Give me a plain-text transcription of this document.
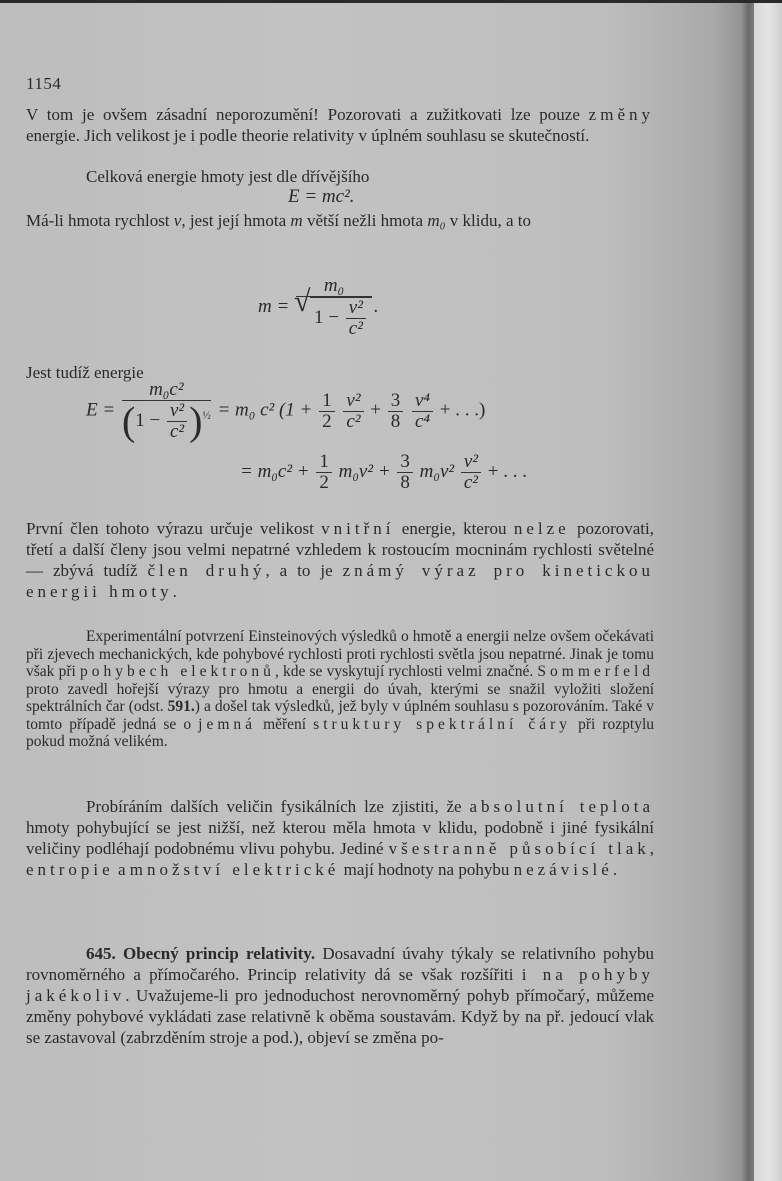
1154
V tom je ovšem zásadní neporozumění! Pozorovati a zužitkovati lze pouze změny energie. Jich velikost je i podle theorie relativity v úplném souhlasu se skutečností.
Celková energie hmoty jest dle dřívějšího
E = mc².
Má-li hmota rychlost v, jest její hmota m větší nežli hmota m₀ v klidu, a to
m = m₀
√ $1 - \frac{\text{v²}}{\text{c²}}$ .
Jest tudíž energie
$E = \frac{\text{m₀c²}}{(1 - \frac{\text{v²}}{\text{c²}} )^{\frac{1}{2}}} = m_0$ c² ($1 + \frac{1}{2}$
$\frac{\text{v²}}{\text{c²}} + \frac{3}{8}$
$\frac{\text{v⁴}}{\text{c⁴}}$ + . . .)
= $m_0c^2 + \frac{1}{2} m_0v^2 + \frac{3}{8} m_0v^2 \frac{\text{v²}}{\text{c²}}$ + . . .
První člen tohoto výrazu určuje velikost vnitřní energie, kterou nelze pozorovati, třetí a další členy jsou velmi nepatrné vzhledem k rostoucím mocninám rychlosti světelné — zbývá tudíž člen druhý, a to je známý výraz pro kinetickou energii hmoty.
Experimentální potvrzení Einsteinových výsledků o hmotě a energii nelze ovšem očekávati při zjevech mechanických, kde pohybové rychlosti proti rychlosti světla jsou nepatrné. Jinak je tomu však při pohybech elektronů, kde se vyskytují rychlosti velmi značné. Sommerfeld proto zavedl hořejší výrazy pro hmotu a energii do úvah, kterými se snažil vyložiti složení spektrálních čar (odst. 591.) a došel tak výsledků, jež byly v úplném souhlasu s pozorováním. Také v tomto případě jedná se o jemná měření struktury spektrální čáry při rozptylu pokud možná velikém.
Probíráním dalších veličin fysikálních lze zjistiti, že absolutní teplota hmoty pohybující se jest nižší, než kterou měla hmota v klidu, podobně i jiné fysikální veličiny podléhají podobnému vlivu pohybu. Jediné všestranně působící tlak, entropie a množství elektrické mají hodnoty na pohybu nezávislé.
645. Obecný princip relativity. Dosavadní úvahy týkaly se relativního pohybu rovnoměrného a přímočarého. Princip relativity dá se však rozšířiti i na pohyby jakékoliv. Uvažujeme-li pro jednoduchost nerovnoměrný pohyb přímočarý, můžeme změny pohybové vykládati zase relativně k oběma soustavám. Když by na př. jedoucí vlak se zastavoval (zabrzděním stroje a pod.), objeví se změna po-
